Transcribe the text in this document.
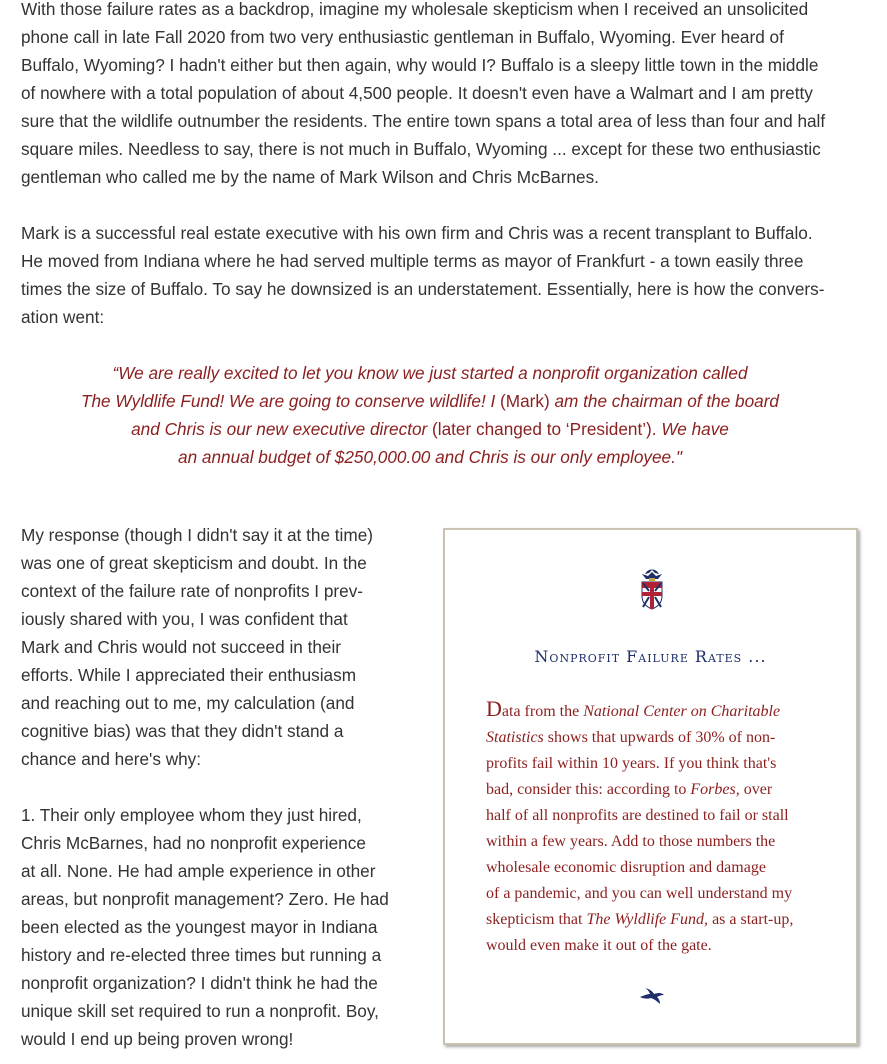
With those failure rates as a backdrop, imagine my wholesale skepticism when I received an unsolicited
phone call in late Fall 2020 from two very enthusiastic gentleman in Buffalo, Wyoming. Ever heard of
Buffalo, Wyoming? I hadn't either but then again, why would I? Buffalo is a sleepy little town in the middle
of nowhere with a total population of about 4,500 people. It doesn't even have a Walmart and I am pretty
sure that the wildlife outnumber the residents. The entire town spans a total area of less than four and half
square miles. Needless to say, there is not much in Buffalo, Wyoming ... except for these two enthusiastic
gentleman who called me by the name of Mark Wilson and Chris McBarnes.
Mark is a successful real estate executive with his own firm and Chris was a recent transplant to Buffalo.
He moved from Indiana where he had served multiple terms as mayor of Frankfurt - a town easily three
times the size of Buffalo. To say he downsized is an understatement. Essentially, here is how the convers-
ation went:
“We are really excited to let you know we just started a nonprofit organization called
The Wyldlife Fund! We are going to conserve wildlife! I (Mark) am the chairman of the board
and Chris is our new executive director (later changed to ‘President’). We have
an annual budget of $250,000.00 and Chris is our only employee."
My response (though I didn't say it at the time)
was one of great skepticism and doubt. In the
context of the failure rate of nonprofits I prev-
iously shared with you, I was confident that
Mark and Chris would not succeed in their
efforts. While I appreciated their enthusiasm
and reaching out to me, my calculation (and
cognitive bias) was that they didn't stand a
chance and here's why:
1. Their only employee whom they just hired,
Chris McBarnes, had no nonprofit experience
at all. None. He had ample experience in other
areas, but nonprofit management? Zero. He had
been elected as the youngest mayor in Indiana
history and re-elected three times but running a
nonprofit organization? I didn't think he had the
unique skill set required to run a nonprofit. Boy,
would I end up being proven wrong!
Nonprofit Failure Rates ...
Data from the National Center on Charitable
Statistics shows that upwards of 30% of non-
profits fail within 10 years. If you think that's
bad, consider this: according to Forbes, over
half of all nonprofits are destined to fail or stall
within a few years. Add to those numbers the
wholesale economic disruption and damage
of a pandemic, and you can well understand my
skepticism that The Wyldlife Fund, as a start-up,
would even make it out of the gate.
